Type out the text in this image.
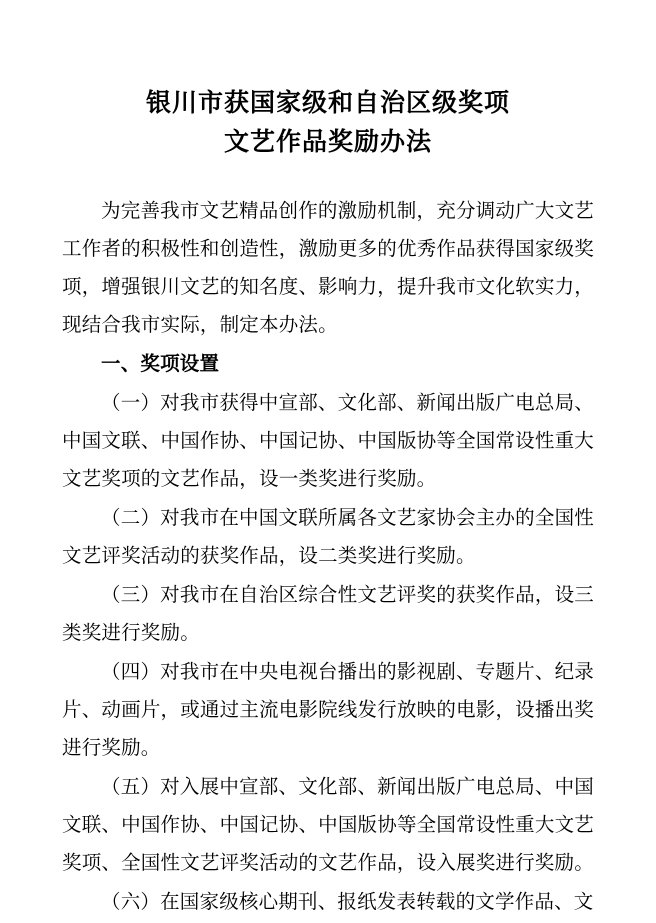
银川市获国家级和自治区级奖项
文艺作品奖励办法

为完善我市文艺精品创作的激励机制，充分调动广大文艺工作者的积极性和创造性，激励更多的优秀作品获得国家级奖项，增强银川文艺的知名度、影响力，提升我市文化软实力，现结合我市实际，制定本办法。

一、奖项设置

（一）对我市获得中宣部、文化部、新闻出版广电总局、中国文联、中国作协、中国记协、中国版协等全国常设性重大文艺奖项的文艺作品，设一类奖进行奖励。

（二）对我市在中国文联所属各文艺家协会主办的全国性文艺评奖活动的获奖作品，设二类奖进行奖励。

（三）对我市在自治区综合性文艺评奖的获奖作品，设三类奖进行奖励。

（四）对我市在中央电视台播出的影视剧、专题片、纪录片、动画片，或通过主流电影院线发行放映的电影，设播出奖进行奖励。

（五）对入展中宣部、文化部、新闻出版广电总局、中国文联、中国作协、中国记协、中国版协等全国常设性重大文艺奖项、全国性文艺评奖活动的文艺作品，设入展奖进行奖励。

（六）在国家级核心期刊、报纸发表转载的文学作品、文
